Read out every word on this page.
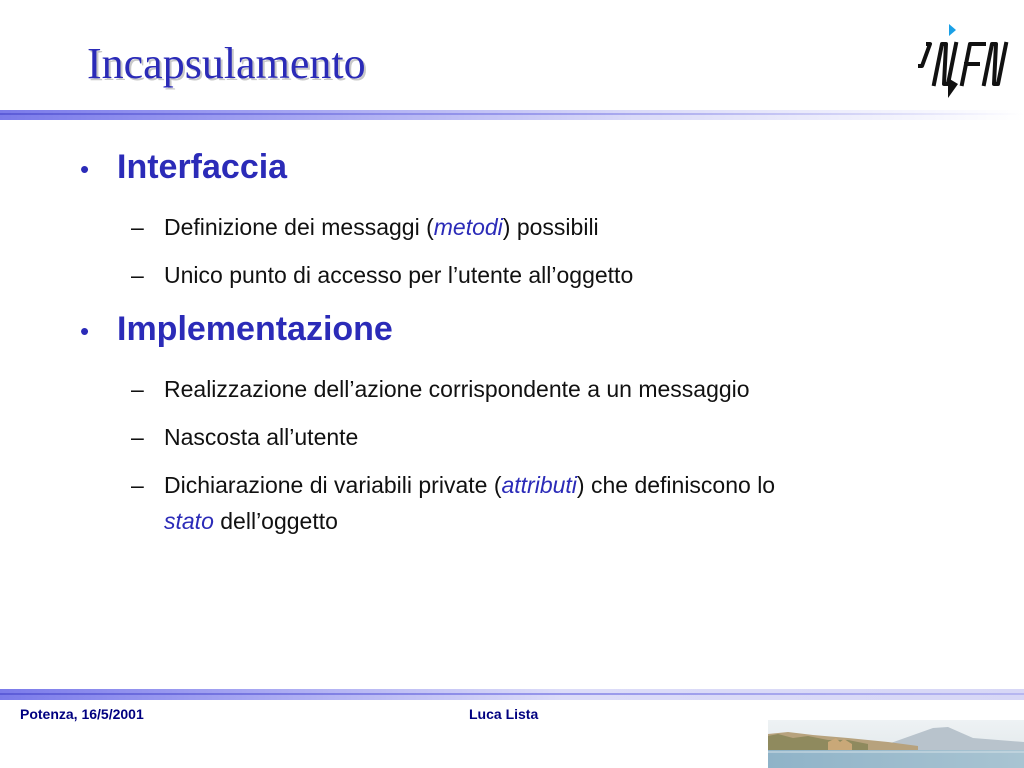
Incapsulamento
• Interfaccia
– Definizione dei messaggi (metodi) possibili
– Unico punto di accesso per l’utente all’oggetto
• Implementazione
– Realizzazione dell’azione corrispondente a un messaggio
– Nascosta all’utente
– Dichiarazione di variabili private (attributi) che definiscono lo
stato dell’oggetto
Potenza, 16/5/2001	Luca Lista
